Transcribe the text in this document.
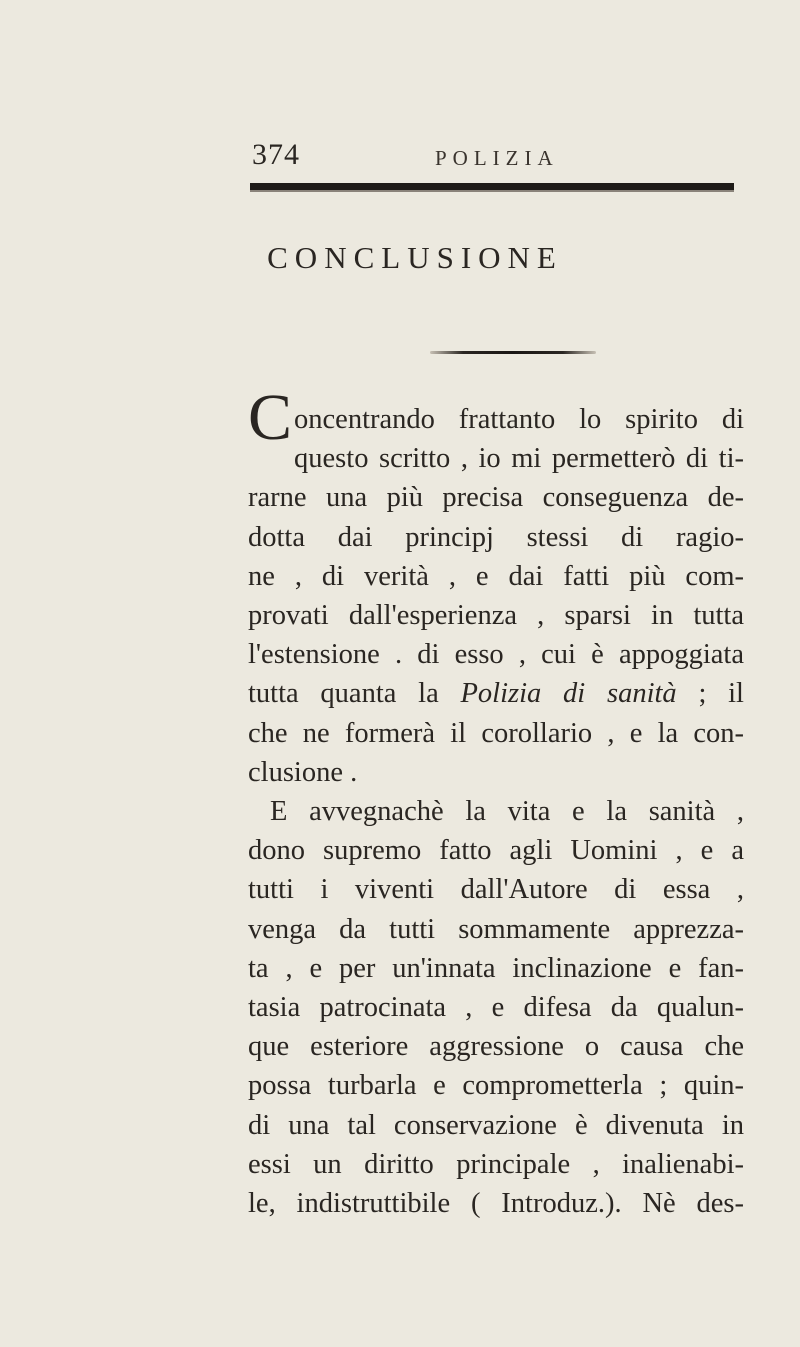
374	POLIZIA
CONCLUSIONE
Concentrando frattanto lo spirito di
questo scritto , io mi permetterò di ti-
rarne una più precisa conseguenza de-
dotta dai principj stessi di ragio-
ne , di verità , e dai fatti più com-
provati dall'esperienza , sparsi in tutta
l'estensione . di esso , cui è appoggiata
tutta quanta la Polizia di sanità ; il
che ne formerà il corollario , e la con-
clusione .
E avvegnachè la vita e la sanità ,
dono supremo fatto agli Uomini , e a
tutti i viventi dall'Autore di essa ,
venga da tutti sommamente apprezza-
ta , e per un'innata inclinazione e fan-
tasia patrocinata , e difesa da qualun-
que esteriore aggressione o causa che
possa turbarla e comprometterla ; quin-
di una tal conservazione è divenuta in
essi un diritto principale , inalienabi-
le, indistruttibile ( Introduz.). Nè des-
